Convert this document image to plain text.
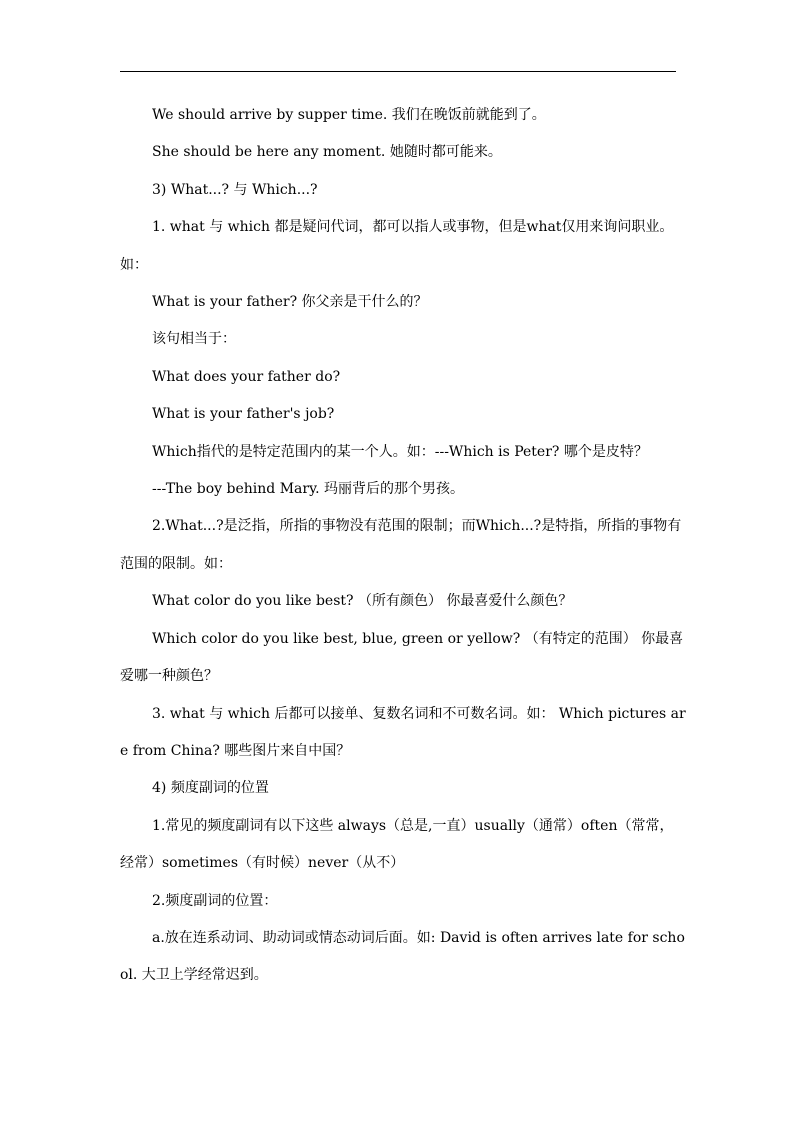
We should arrive by supper time. 我们在晚饭前就能到了。

She should be here any moment. 她随时都可能来。

3) What...? 与 Which...?

1. what 与 which 都是疑问代词，都可以指人或事物，但是what仅用来询问职业。如：

What is your father? 你父亲是干什么的？

该句相当于：

What does your father do?

What is your father's job?

Which指代的是特定范围内的某一个人。如：---Which is Peter? 哪个是皮特？

---The boy behind Mary. 玛丽背后的那个男孩。

2.What...?是泛指，所指的事物没有范围的限制；而Which...?是特指，所指的事物有范围的限制。如：

What color do you like best? （所有颜色） 你最喜爱什么颜色？

Which color do you like best, blue, green or yellow? （有特定的范围） 你最喜爱哪一种颜色？

3. what 与 which 后都可以接单、复数名词和不可数名词。如： Which pictures are from China? 哪些图片来自中国？

4) 频度副词的位置

1.常见的频度副词有以下这些 always（总是,一直）usually（通常）often（常常，经常）sometimes（有时候）never（从不）

2.频度副词的位置：

a.放在连系动词、助动词或情态动词后面。如: David is often arrives late for school. 大卫上学经常迟到。
